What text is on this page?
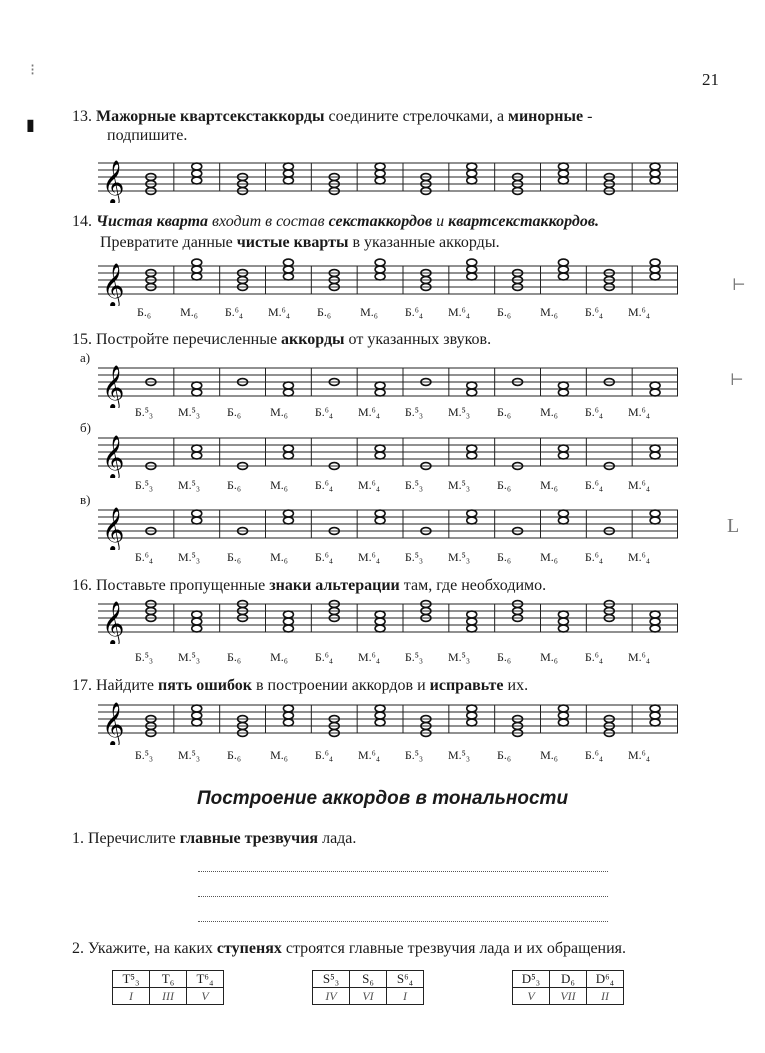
21
⁝
▮
⊢
⊢
L
13. Мажорные квартсекстаккорды соедините стрелочками, а минорные -
подпишите.
𝄞
14. Чистая кварта входит в состав секстаккордов и квартсекстаккордов.
Превратите данные чистые кварты в указанные аккорды.
𝄞
Б.₆	М.₆	Б.⁶₄	М.⁶₄	Б.₆	М.₆	Б.⁶₄	М.⁶₄	Б.₆	М.₆	Б.⁶₄	М.⁶₄
15. Постройте перечисленные аккорды от указанных звуков.
а)
𝄞
Б.⁵₃	М.⁵₃	Б.₆	М.₆	Б.⁶₄	М.⁶₄	Б.⁵₃	М.⁵₃	Б.₆	М.₆	Б.⁶₄	М.⁶₄
б)
𝄞
Б.⁵₃	М.⁵₃	Б.₆	М.₆	Б.⁶₄	М.⁶₄	Б.⁵₃	М.⁵₃	Б.₆	М.₆	Б.⁶₄	М.⁶₄
в)
𝄞
Б.⁶₄	М.⁵₃	Б.₆	М.₆	Б.⁶₄	М.⁶₄	Б.⁵₃	М.⁵₃	Б.₆	М.₆	Б.⁶₄	М.⁶₄
16. Поставьте пропущенные знаки альтерации там, где необходимо.
𝄞
Б.⁵₃	М.⁵₃	Б.₆	М.₆	Б.⁶₄	М.⁶₄	Б.⁵₃	М.⁵₃	Б.₆	М.₆	Б.⁶₄	М.⁶₄
17. Найдите пять ошибок в построении аккордов и исправьте их.
𝄞
Б.⁵₃	М.⁵₃	Б.₆	М.₆	Б.⁶₄	М.⁶₄	Б.⁵₃	М.⁵₃	Б.₆	М.₆	Б.⁶₄	М.⁶₄
Построение аккордов в тональности
1. Перечислите главные трезвучия лада.
2. Укажите, на каких ступенях строятся главные трезвучия лада и их обращения.
T⁵₃	T₆	T⁶₄
I	III	V
S⁵₃	S₆	S⁶₄
IV	VI	I
D⁵₃	D₆	D⁶₄
V	VII	II
